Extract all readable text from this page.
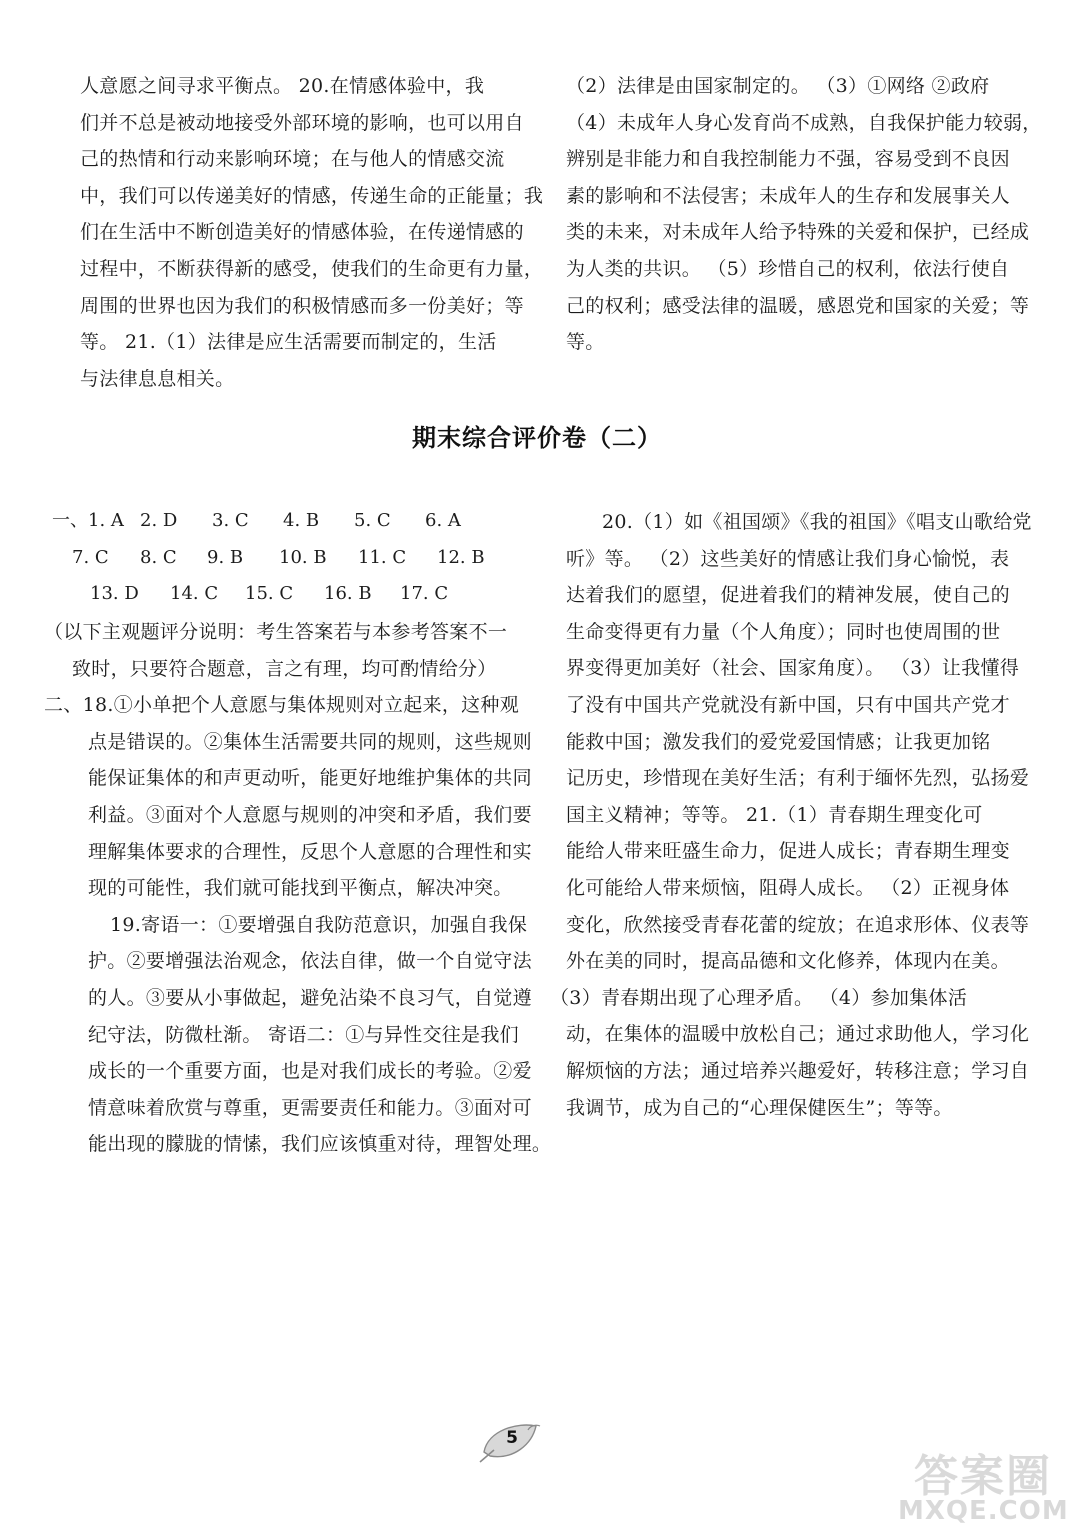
人意愿之间寻求平衡点。 20.在情感体验中，我
们并不总是被动地接受外部环境的影响，也可以用自
己的热情和行动来影响环境；在与他人的情感交流
中，我们可以传递美好的情感，传递生命的正能量；我
们在生活中不断创造美好的情感体验，在传递情感的
过程中，不断获得新的感受，使我们的生命更有力量，
周围的世界也因为我们的积极情感而多一份美好；等
等。 21.（1）法律是应生活需要而制定的，生活
与法律息息相关。
（2）法律是由国家制定的。 （3）①网络 ②政府
（4）未成年人身心发育尚不成熟，自我保护能力较弱，
辨别是非能力和自我控制能力不强，容易受到不良因
素的影响和不法侵害；未成年人的生存和发展事关人
类的未来，对未成年人给予特殊的关爱和保护，已经成
为人类的共识。 （5）珍惜自己的权利，依法行使自
己的权利；感受法律的温暖，感恩党和国家的关爱；等
等。
期末综合评价卷（二）
一、1. A 2. D 3. C 4. B 5. C 6. A
7. C 8. C 9. B 10. B 11. C 12. B
13. D 14. C 15. C 16. B 17. C
（以下主观题评分说明：考生答案若与本参考答案不一
致时，只要符合题意，言之有理，均可酌情给分）
二、18.①小单把个人意愿与集体规则对立起来，这种观
点是错误的。②集体生活需要共同的规则，这些规则
能保证集体的和声更动听，能更好地维护集体的共同
利益。③面对个人意愿与规则的冲突和矛盾，我们要
理解集体要求的合理性，反思个人意愿的合理性和实
现的可能性，我们就可能找到平衡点，解决冲突。
19.寄语一：①要增强自我防范意识，加强自我保
护。②要增强法治观念，依法自律，做一个自觉守法
的人。③要从小事做起，避免沾染不良习气，自觉遵
纪守法，防微杜渐。 寄语二：①与异性交往是我们
成长的一个重要方面，也是对我们成长的考验。②爱
情意味着欣赏与尊重，更需要责任和能力。③面对可
能出现的朦胧的情愫，我们应该慎重对待，理智处理。
20.（1）如《祖国颂》《我的祖国》《唱支山歌给党
听》等。 （2）这些美好的情感让我们身心愉悦，表
达着我们的愿望，促进着我们的精神发展，使自己的
生命变得更有力量（个人角度）；同时也使周围的世
界变得更加美好（社会、国家角度）。 （3）让我懂得
了没有中国共产党就没有新中国，只有中国共产党才
能救中国；激发我们的爱党爱国情感；让我更加铭
记历史，珍惜现在美好生活；有利于缅怀先烈，弘扬爱
国主义精神；等等。 21.（1）青春期生理变化可
能给人带来旺盛生命力，促进人成长；青春期生理变
化可能给人带来烦恼，阻碍人成长。 （2）正视身体
变化，欣然接受青春花蕾的绽放；在追求形体、仪表等
外在美的同时，提高品德和文化修养，体现内在美。
（3）青春期出现了心理矛盾。 （4）参加集体活
动，在集体的温暖中放松自己；通过求助他人，学习化
解烦恼的方法；通过培养兴趣爱好，转移注意；学习自
我调节，成为自己的“心理保健医生”；等等。
5
答案圈
MXQE.COM
